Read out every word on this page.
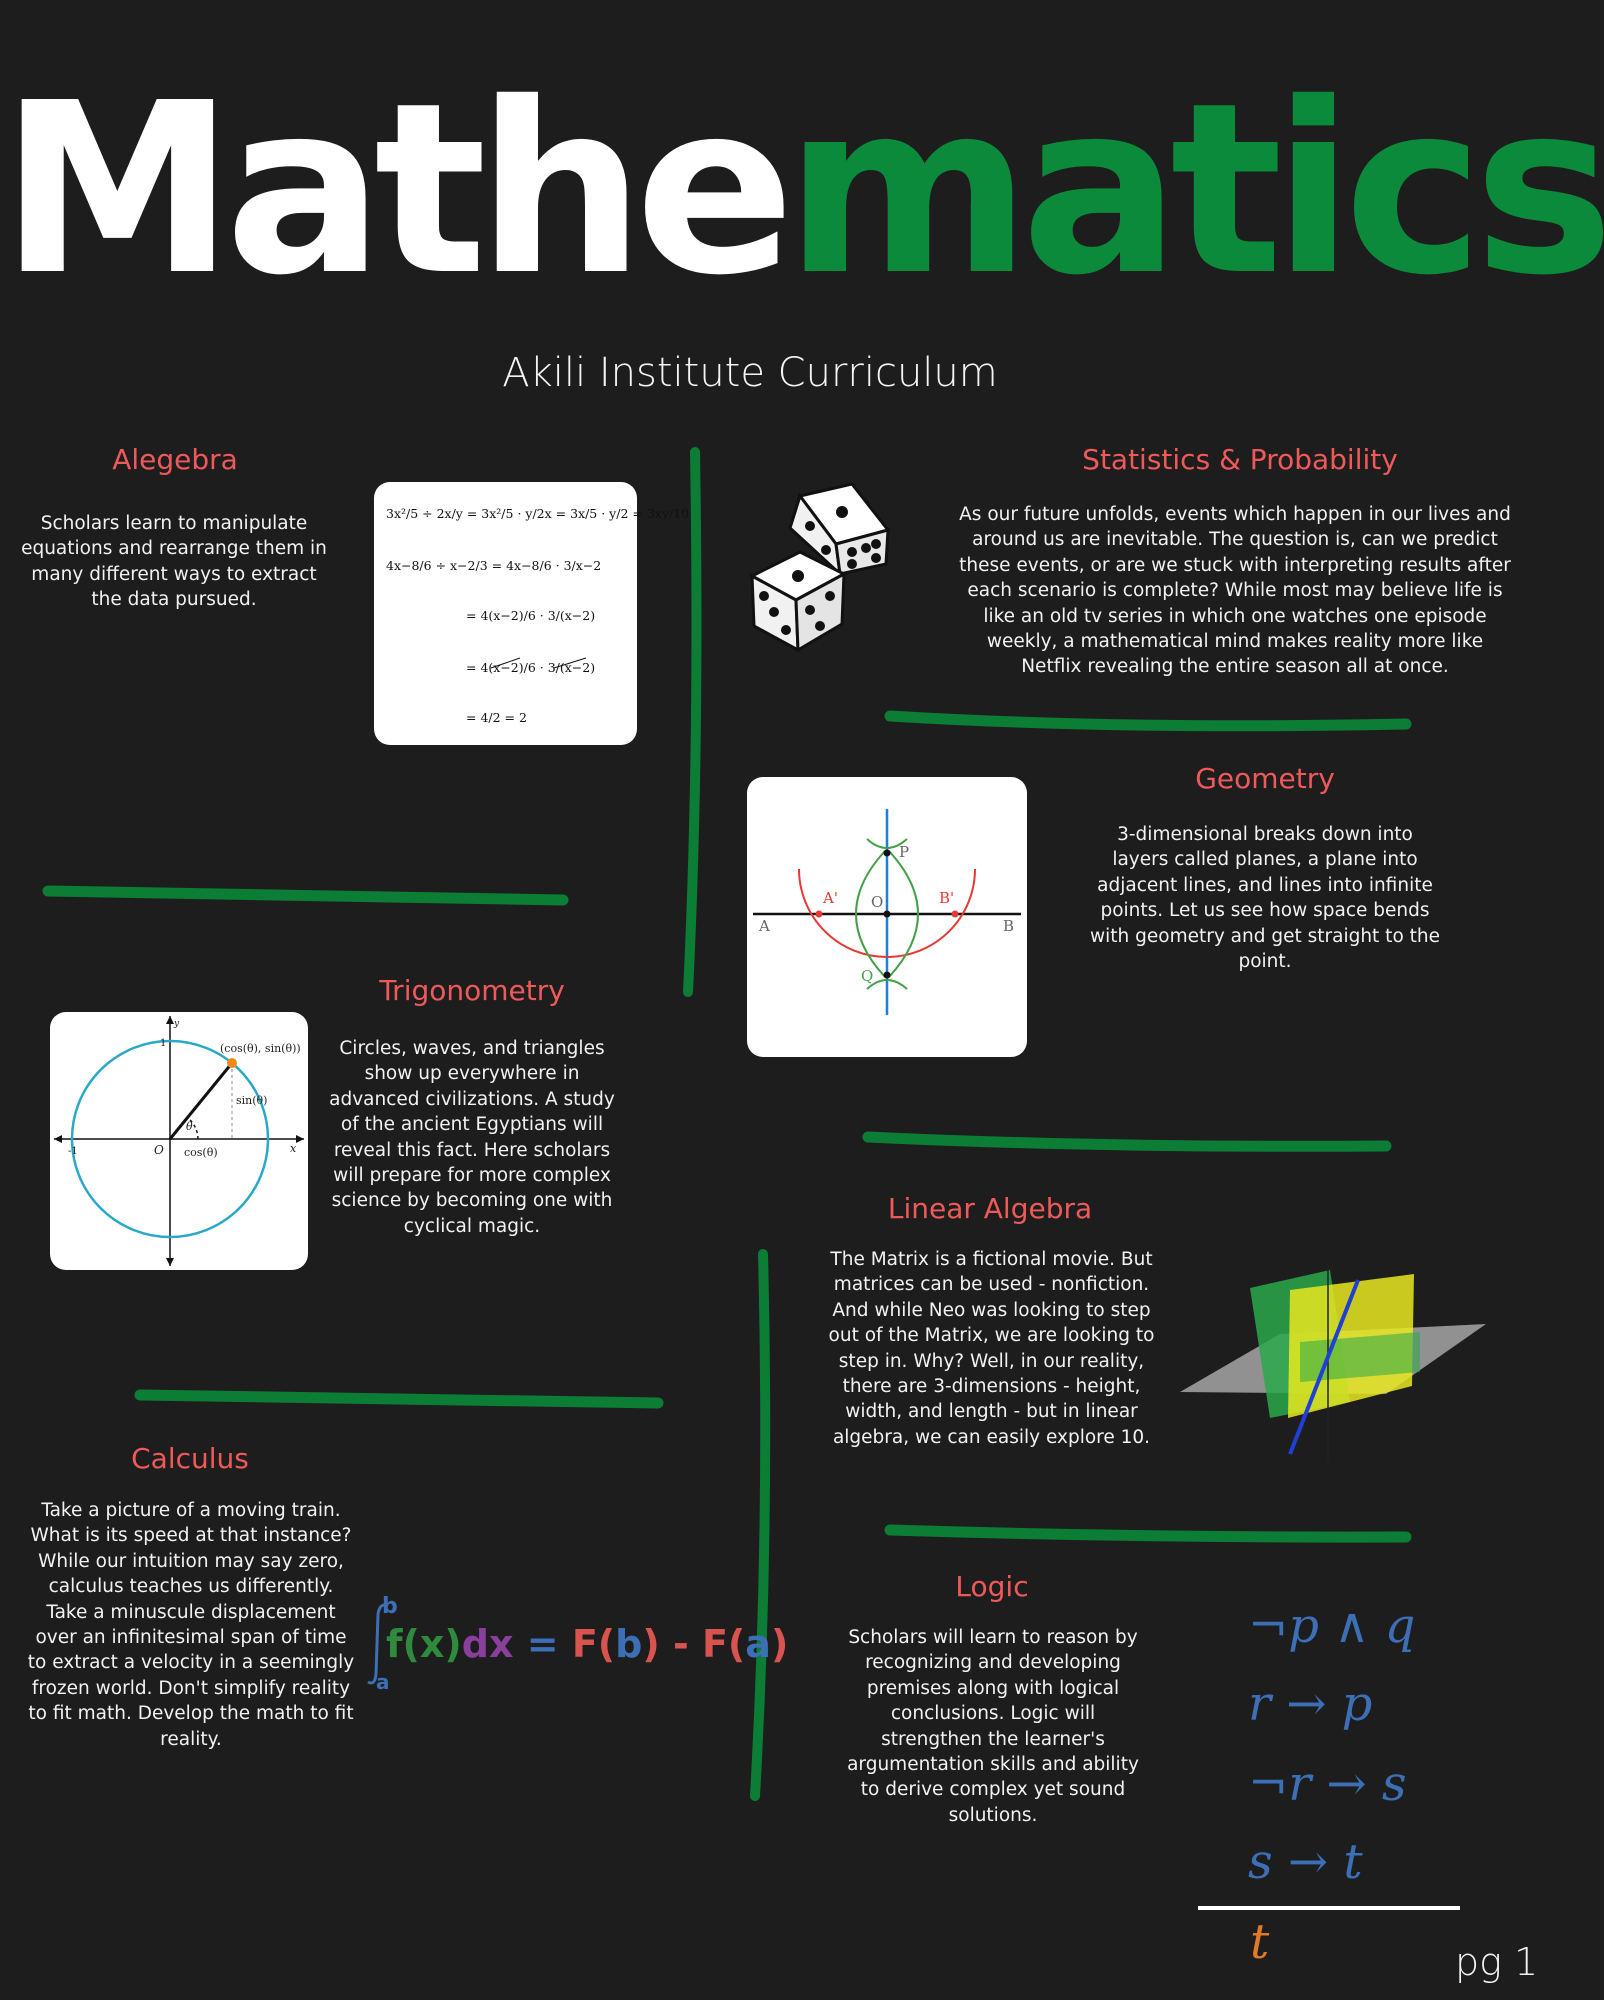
Mathematics
Akili Institute Curriculum
Alegebra
Scholars learn to manipulate equations and rearrange them in many different ways to extract the data pursued.
3x²/5 ÷ 2x/y = 3x²/5 · y/2x = 3x/5 · y/2 = 3xy/10
4x−8/6 ÷ x−2/3 = 4x−8/6 · 3/x−2
= 4(x−2)/6 · 3/(x−2)
= 4(x−2)/6 · 3/(x−2)
= 4/2 = 2
Statistics & Probability
As our future unfolds, events which happen in our lives and around us are inevitable. The question is, can we predict these events, or are we stuck with interpreting results after each scenario is complete? While most may believe life is like an old tv series in which one watches one episode weekly, a mathematical mind makes reality more like Netflix revealing the entire season all at once.
Geometry
3-dimensional breaks down into layers called planes, a plane into adjacent lines, and lines into infinite points. Let us see how space bends with geometry and get straight to the point.
A	B
A'	B'
O
P
Q
Trigonometry
Circles, waves, and triangles show up everywhere in advanced civilizations. A study of the ancient Egyptians will reveal this fact. Here scholars will prepare for more complex science by becoming one with cyclical magic.
(cos(θ), sin(θ))
sin(θ)
cos(θ)
θ
O	x
y
-1
1
Linear Algebra
The Matrix is a fictional movie. But matrices can be used - nonfiction. And while Neo was looking to step out of the Matrix, we are looking to step in. Why? Well, in our reality, there are 3-dimensions - height, width, and length - but in linear algebra, we can easily explore 10.
Calculus
Take a picture of a moving train. What is its speed at that instance? While our intuition may say zero, calculus teaches us differently. Take a minuscule displacement over an infinitesimal span of time to extract a velocity in a seemingly frozen world. Don't simplify reality to fit math. Develop the math to fit reality.
b
a
f(x)dx = F(b) - F(a)
Logic
Scholars will learn to reason by recognizing and developing premises along with logical conclusions. Logic will strengthen the learner's argumentation skills and ability to derive complex yet sound solutions.
¬p ∧ q
r → p
¬r → s
s → t
t	pg 1
